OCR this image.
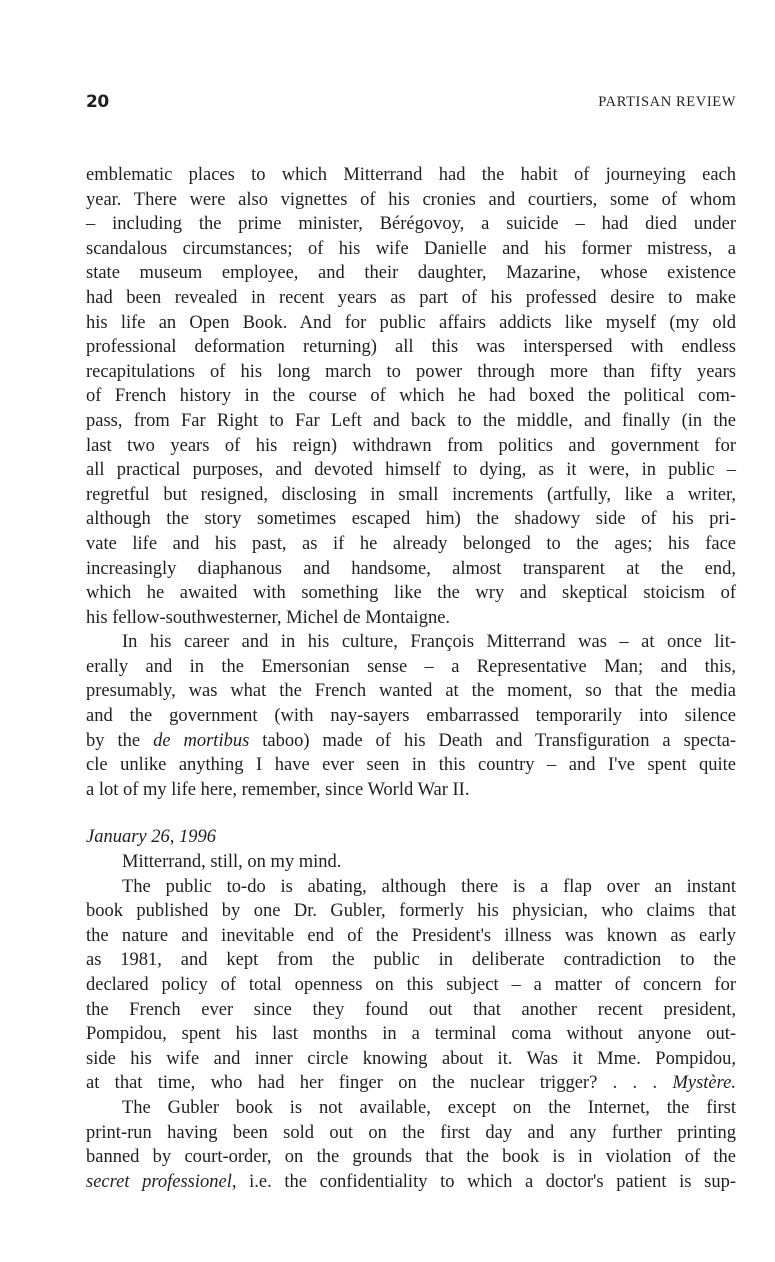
20	PARTISAN REVIEW

emblematic places to which Mitterrand had the habit of journeying each
year. There were also vignettes of his cronies and courtiers, some of whom
– including the prime minister, Bérégovoy, a suicide – had died under
scandalous circumstances; of his wife Danielle and his former mistress, a
state museum employee, and their daughter, Mazarine, whose existence
had been revealed in recent years as part of his professed desire to make
his life an Open Book. And for public affairs addicts like myself (my old
professional deformation returning) all this was interspersed with endless
recapitulations of his long march to power through more than fifty years
of French history in the course of which he had boxed the political com-
pass, from Far Right to Far Left and back to the middle, and finally (in the
last two years of his reign) withdrawn from politics and government for
all practical purposes, and devoted himself to dying, as it were, in public –
regretful but resigned, disclosing in small increments (artfully, like a writer,
although the story sometimes escaped him) the shadowy side of his pri-
vate life and his past, as if he already belonged to the ages; his face
increasingly diaphanous and handsome, almost transparent at the end,
which he awaited with something like the wry and skeptical stoicism of
his fellow-southwesterner, Michel de Montaigne.

In his career and in his culture, François Mitterrand was – at once lit-
erally and in the Emersonian sense – a Representative Man; and this,
presumably, was what the French wanted at the moment, so that the media
and the government (with nay-sayers embarrassed temporarily into silence
by the de mortibus taboo) made of his Death and Transfiguration a specta-
cle unlike anything I have ever seen in this country – and I've spent quite
a lot of my life here, remember, since World War II.

January 26, 1996

Mitterrand, still, on my mind.

The public to-do is abating, although there is a flap over an instant
book published by one Dr. Gubler, formerly his physician, who claims that
the nature and inevitable end of the President's illness was known as early
as 1981, and kept from the public in deliberate contradiction to the
declared policy of total openness on this subject – a matter of concern for
the French ever since they found out that another recent president,
Pompidou, spent his last months in a terminal coma without anyone out-
side his wife and inner circle knowing about it. Was it Mme. Pompidou,
at that time, who had her finger on the nuclear trigger? . . . Mystère.

The Gubler book is not available, except on the Internet, the first
print-run having been sold out on the first day and any further printing
banned by court-order, on the grounds that the book is in violation of the
secret professionel, i.e. the confidentiality to which a doctor's patient is sup-
